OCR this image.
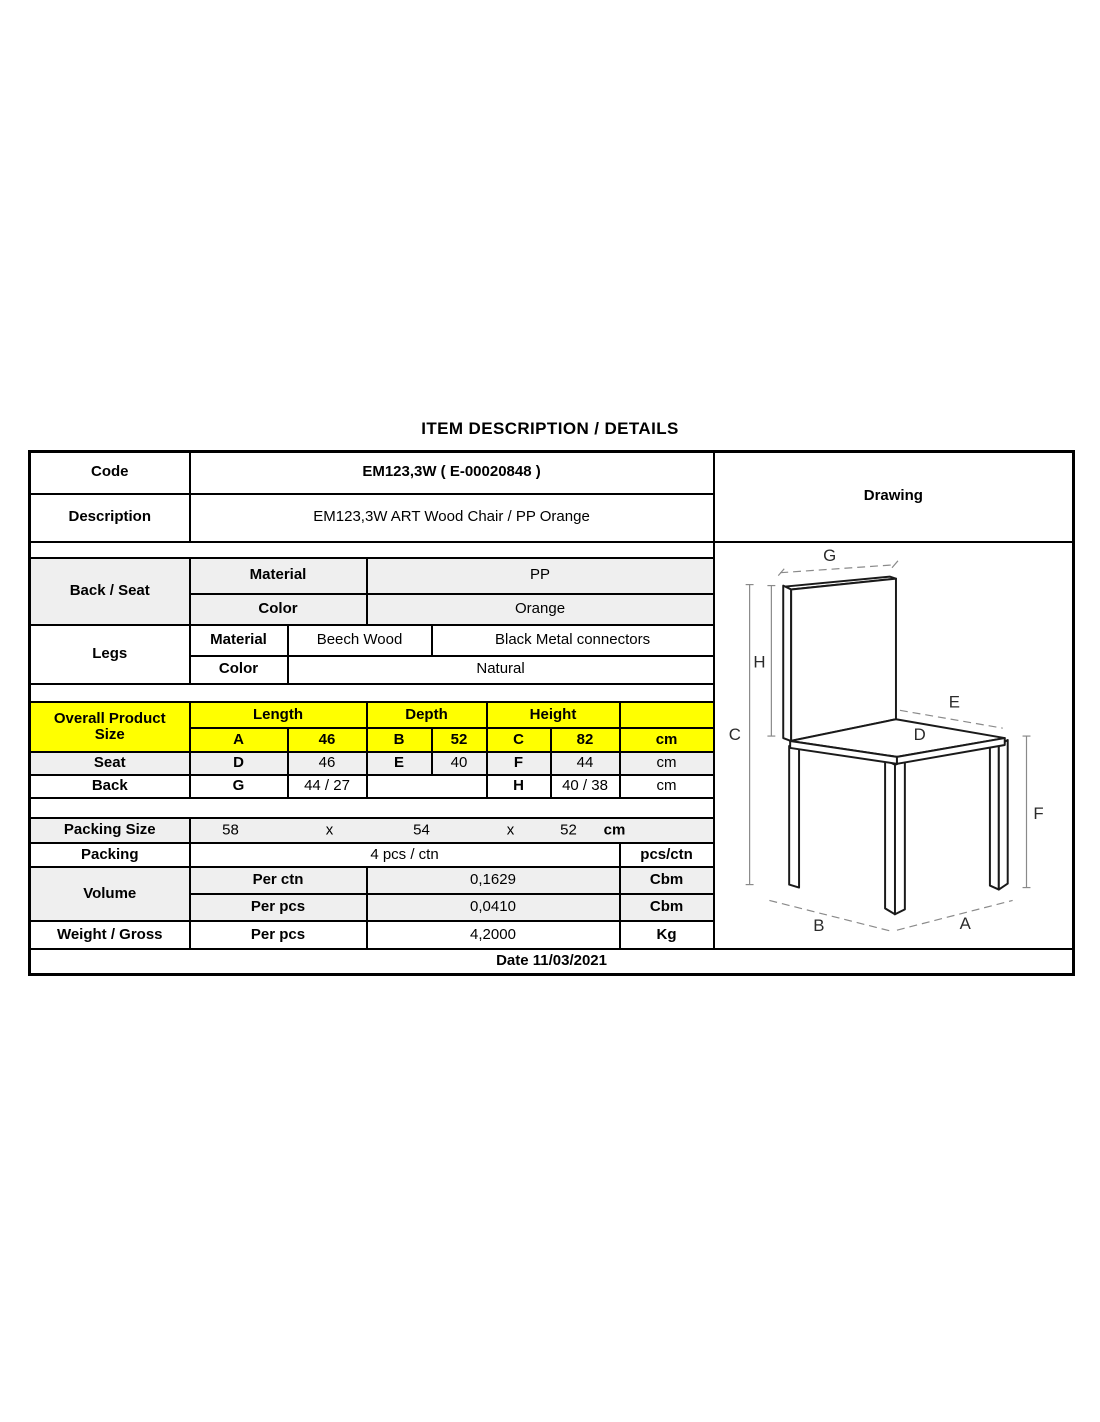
ITEM DESCRIPTION / DETAILS
Code	EM123,3W ( E-00020848 )							Drawing
Description	EM123,3W ART Wood Chair / PP Orange							

G
H
C
E
D
F
B	A

Back / Seat	Material		PP					
	Color		Orange					
Legs	Material	Beech Wood		Black Metal connectors				
	Color	Natural						

Overall Product Size	Length		Depth		Height			
	A	46	B	52	C	82	cm	
Seat	D	46	E	40	F	44	cm	
Back	G	44 / 27			H	40 / 38	cm	

Packing Size	58	x	54	x	52 cm

Packing	4 pcs / ctn						pcs/ctn	
Volume	Per ctn		0,1629				Cbm	
	Per pcs		0,0410				Cbm	
Weight / Gross	Per pcs		4,2000				Kg	
Date 11/03/2021								
